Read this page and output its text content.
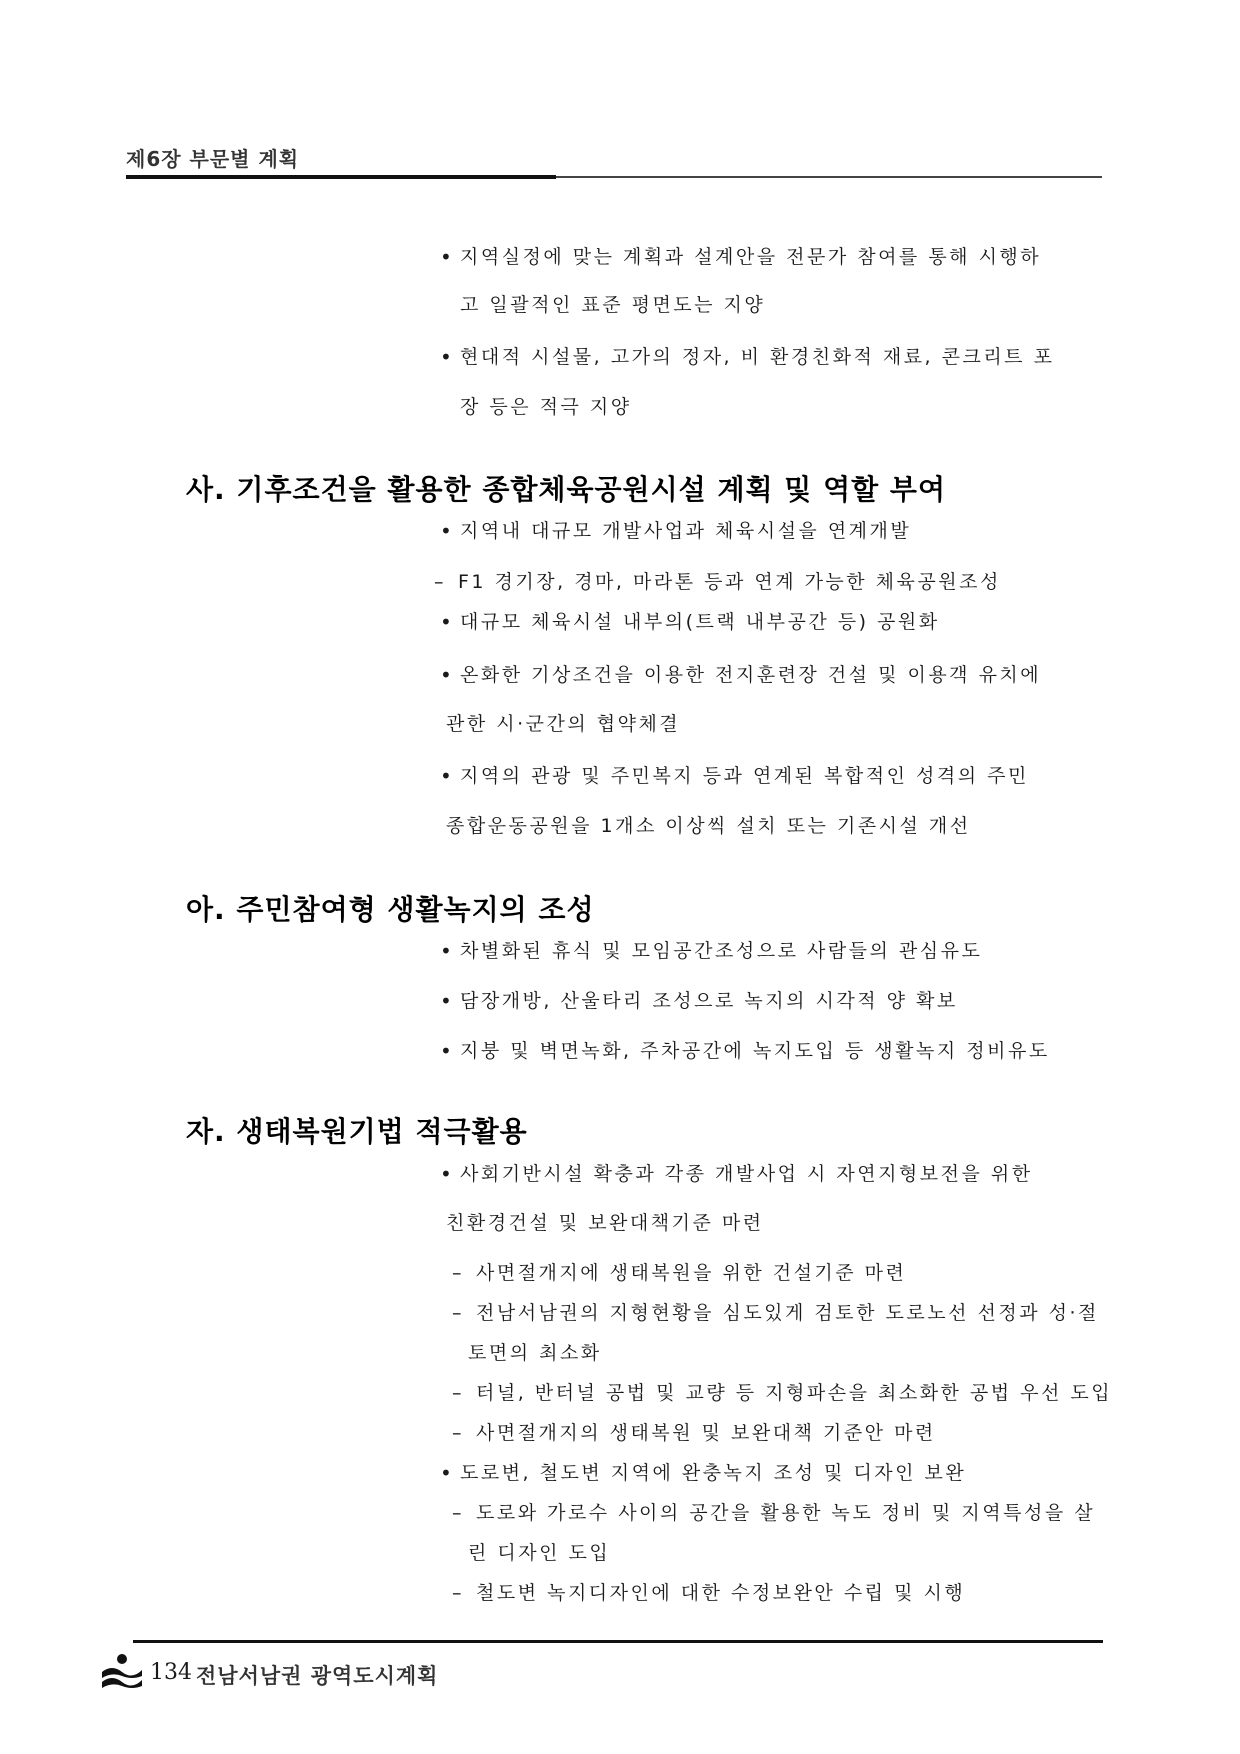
제6장 부문별 계획
• 지역실정에 맞는 계획과 설계안을 전문가 참여를 통해 시행하
고 일괄적인 표준 평면도는 지양
• 현대적 시설물, 고가의 정자, 비 환경친화적 재료, 콘크리트 포
장 등은 적극 지양
사. 기후조건을 활용한 종합체육공원시설 계획 및 역할 부여
• 지역내 대규모 개발사업과 체육시설을 연계개발
– F1 경기장, 경마, 마라톤 등과 연계 가능한 체육공원조성
• 대규모 체육시설 내부의(트랙 내부공간 등) 공원화
• 온화한 기상조건을 이용한 전지훈련장 건설 및 이용객 유치에
관한 시·군간의 협약체결
• 지역의 관광 및 주민복지 등과 연계된 복합적인 성격의 주민
종합운동공원을 1개소 이상씩 설치 또는 기존시설 개선
아. 주민참여형 생활녹지의 조성
• 차별화된 휴식 및 모임공간조성으로 사람들의 관심유도
• 담장개방, 산울타리 조성으로 녹지의 시각적 양 확보
• 지붕 및 벽면녹화, 주차공간에 녹지도입 등 생활녹지 정비유도
자. 생태복원기법 적극활용
• 사회기반시설 확충과 각종 개발사업 시 자연지형보전을 위한
친환경건설 및 보완대책기준 마련
– 사면절개지에 생태복원을 위한 건설기준 마련
– 전남서남권의 지형현황을 심도있게 검토한 도로노선 선정과 성·절
토면의 최소화
– 터널, 반터널 공법 및 교량 등 지형파손을 최소화한 공법 우선 도입
– 사면절개지의 생태복원 및 보완대책 기준안 마련
• 도로변, 철도변 지역에 완충녹지 조성 및 디자인 보완
– 도로와 가로수 사이의 공간을 활용한 녹도 정비 및 지역특성을 살
린 디자인 도입
– 철도변 녹지디자인에 대한 수정보완안 수립 및 시행
134 전남서남권 광역도시계획
